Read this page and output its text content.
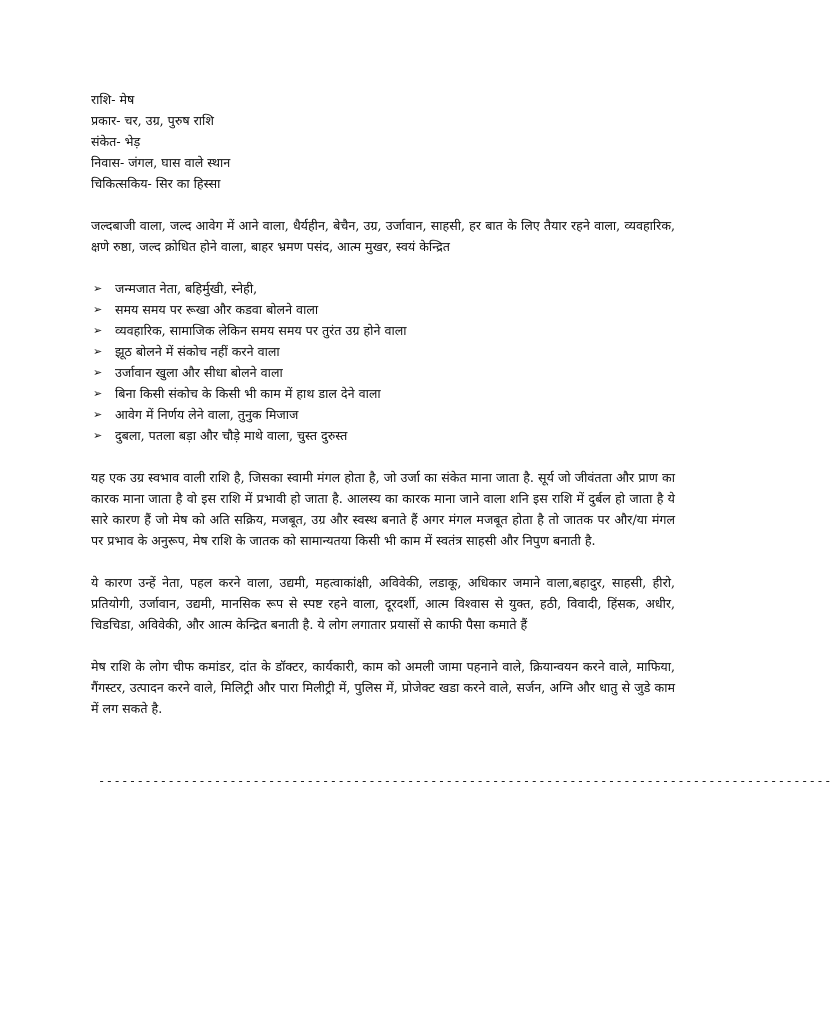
राशि- मेष

प्रकार- चर, उग्र, पुरुष राशि

संकेत- भेड़

निवास- जंगल, घास वाले स्थान

चिकित्सकिय- सिर का हिस्सा

जल्दबाजी वाला, जल्द आवेग में आने वाला, धैर्यहीन, बेचैन, उग्र, उर्जावान, साहसी, हर बात के लिए तैयार रहने वाला, व्यवहारिक, क्षणे रुष्ठा, जल्द क्रोधित होने वाला, बाहर भ्रमण पसंद, आत्म मुखर, स्वयं केन्द्रित

➢ जन्मजात नेता, बहिर्मुखी, स्नेही,
➢ समय समय पर रूखा और कडवा बोलने वाला
➢ व्यवहारिक, सामाजिक लेकिन समय समय पर तुरंत उग्र होने वाला
➢ झूठ बोलने में संकोच नहीं करने वाला
➢ उर्जावान खुला और सीधा बोलने वाला
➢ बिना किसी संकोच के किसी भी काम में हाथ डाल देने वाला
➢ आवेग में निर्णय लेने वाला, तुनुक मिजाज
➢ दुबला, पतला बड़ा और चौड़े माथे वाला, चुस्त दुरुस्त

यह एक उग्र स्वभाव वाली राशि है, जिसका स्वामी मंगल होता है, जो उर्जा का संकेत माना जाता है. सूर्य जो जीवंतता और प्राण का कारक माना जाता है वो इस राशि में प्रभावी हो जाता है. आलस्य का कारक माना जाने वाला शनि इस राशि में दुर्बल हो जाता है ये सारे कारण हैं जो मेष को अति सक्रिय, मजबूत, उग्र और स्वस्थ बनाते हैं अगर मंगल मजबूत होता है तो जातक पर और/या मंगल पर प्रभाव के अनुरूप, मेष राशि के जातक को सामान्यतया किसी भी काम में स्वतंत्र साहसी और निपुण बनाती है.

ये कारण उन्हें नेता, पहल करने वाला, उद्यमी, महत्वाकांक्षी, अविवेकी, लडाकू, अधिकार जमाने वाला,बहादुर, साहसी, हीरो, प्रतियोगी, उर्जावान, उद्यमी, मानसिक रूप से स्पष्ट रहने वाला, दूरदर्शी, आत्म विश्वास से युक्त, हठी, विवादी, हिंसक, अधीर, चिडचिडा, अविवेकी, और आत्म केन्द्रित बनाती है. ये लोग लगातार प्रयासों से काफी पैसा कमाते हैं

मेष राशि के लोग चीफ कमांडर, दांत के डॉक्टर, कार्यकारी, काम को अमली जामा पहनाने वाले, क्रियान्वयन करने वाले, माफिया, गैंगस्टर, उत्पादन करने वाले, मिलिट्री और पारा मिलीट्री में, पुलिस में, प्रोजेक्ट खडा करने वाले, सर्जन, अग्नि और धातु से जुडे काम में लग सकते है.

-----------------------------------------------------------------------------------------------
